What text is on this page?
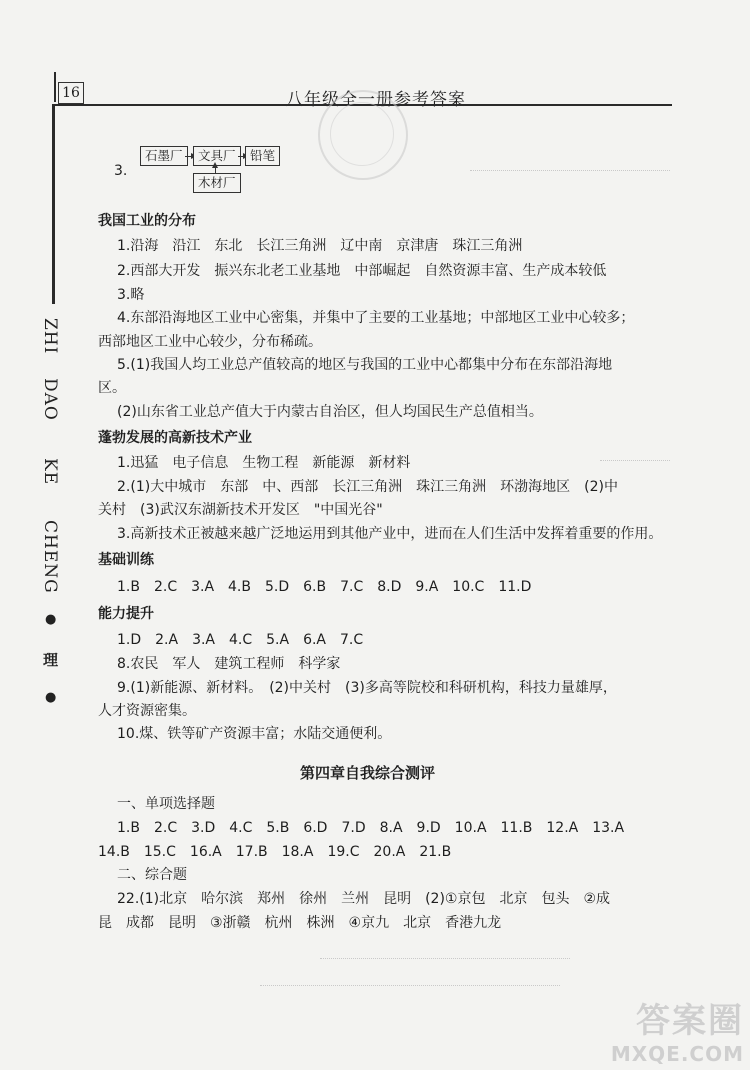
16	八年级全一册参考答案
ZHI
DAO
KE
CHENG
●
理
●
3.
石墨厂	文具厂	铅笔
木材厂
我国工业的分布
1.沿海　沿江　东北　长江三角洲　辽中南　京津唐　珠江三角洲
2.西部大开发　振兴东北老工业基地　中部崛起　自然资源丰富、生产成本较低
3.略
4.东部沿海地区工业中心密集，并集中了主要的工业基地；中部地区工业中心较多；
西部地区工业中心较少，分布稀疏。
5.(1)我国人均工业总产值较高的地区与我国的工业中心都集中分布在东部沿海地
区。
(2)山东省工业总产值大于内蒙古自治区，但人均国民生产总值相当。
蓬勃发展的高新技术产业
1.迅猛　电子信息　生物工程　新能源　新材料
2.(1)大中城市　东部　中、西部　长江三角洲　珠江三角洲　环渤海地区　(2)中
关村　(3)武汉东湖新技术开发区　"中国光谷"
3.高新技术正被越来越广泛地运用到其他产业中，进而在人们生活中发挥着重要的作用。
基础训练
1.B　2.C　3.A　4.B　5.D　6.B　7.C　8.D　9.A　10.C　11.D
能力提升
1.D　2.A　3.A　4.C　5.A　6.A　7.C
8.农民　军人　建筑工程师　科学家
9.(1)新能源、新材料。　(2)中关村　(3)多高等院校和科研机构，科技力量雄厚，
人才资源密集。
10.煤、铁等矿产资源丰富；水陆交通便利。
第四章自我综合测评
一、单项选择题
1.B　2.C　3.D　4.C　5.B　6.D　7.D　8.A　9.D　10.A　11.B　12.A　13.A
14.B　15.C　16.A　17.B　18.A　19.C　20.A　21.B
二、综合题
22.(1)北京　哈尔滨　郑州　徐州　兰州　昆明　(2)①京包　北京　包头　②成
昆　成都　昆明　③浙赣　杭州　株洲　④京九　北京　香港九龙
答案圈
MXQE.COM
